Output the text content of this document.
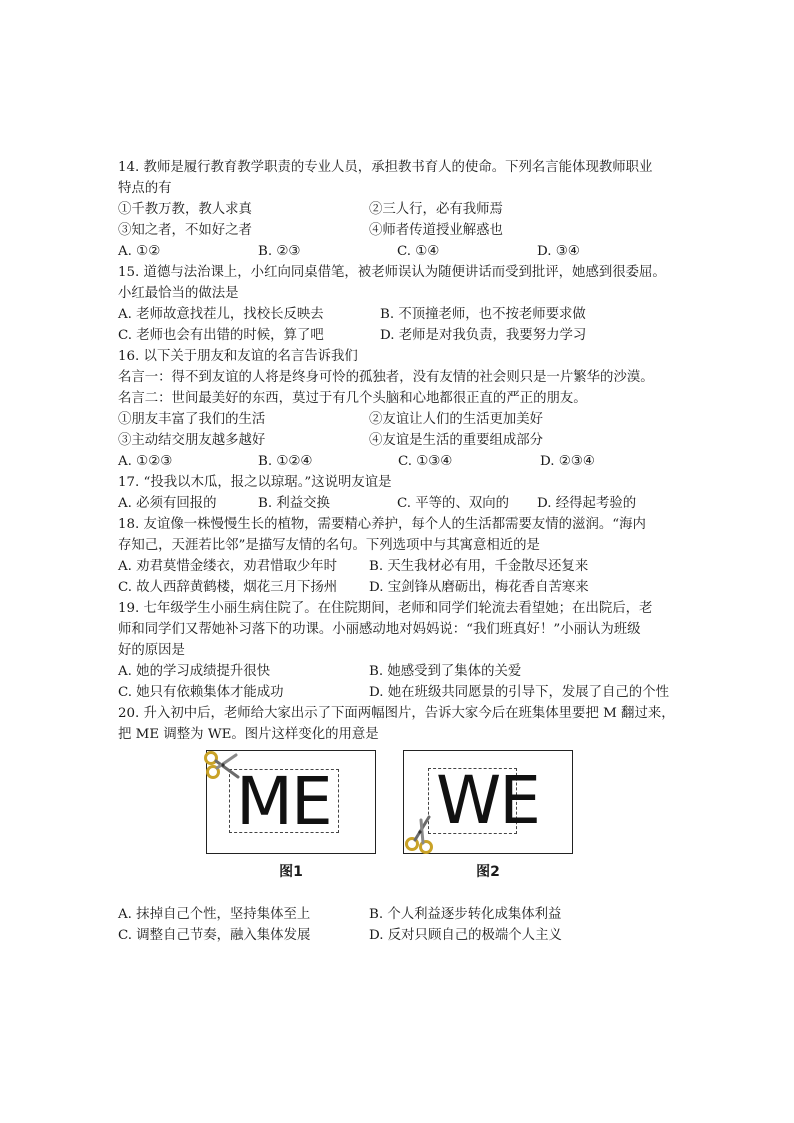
14. 教师是履行教育教学职责的专业人员，承担教书育人的使命。下列名言能体现教师职业
特点的有
①千教万教，教人求真	②三人行，必有我师焉
③知之者，不如好之者	④师者传道授业解惑也
A. ①②	B. ②③	C. ①④	D. ③④
15. 道德与法治课上，小红向同桌借笔，被老师误认为随便讲话而受到批评，她感到很委屈。
小红最恰当的做法是
A. 老师故意找茬儿，找校长反映去	B. 不顶撞老师，也不按老师要求做
C. 老师也会有出错的时候，算了吧	D. 老师是对我负责，我要努力学习
16. 以下关于朋友和友谊的名言告诉我们
名言一：得不到友谊的人将是终身可怜的孤独者，没有友情的社会则只是一片繁华的沙漠。
名言二：世间最美好的东西，莫过于有几个头脑和心地都很正直的严正的朋友。
①朋友丰富了我们的生活	②友谊让人们的生活更加美好
③主动结交朋友越多越好	④友谊是生活的重要组成部分
A. ①②③	B. ①②④	C. ①③④	D. ②③④
17. “投我以木瓜，报之以琼琚。”这说明友谊是
A. 必须有回报的	B. 利益交换	C. 平等的、双向的	D. 经得起考验的
18. 友谊像一株慢慢生长的植物，需要精心养护，每个人的生活都需要友情的滋润。“海内
存知己，天涯若比邻”是描写友情的名句。下列选项中与其寓意相近的是
A. 劝君莫惜金缕衣，劝君惜取少年时	B. 天生我材必有用，千金散尽还复来
C. 故人西辞黄鹤楼，烟花三月下扬州	D. 宝剑锋从磨砺出，梅花香自苦寒来
19. 七年级学生小丽生病住院了。在住院期间，老师和同学们轮流去看望她；在出院后，老
师和同学们又帮她补习落下的功课。小丽感动地对妈妈说：“我们班真好！”小丽认为班级
好的原因是
A. 她的学习成绩提升很快	B. 她感受到了集体的关爱
C. 她只有依赖集体才能成功	D. 她在班级共同愿景的引导下，发展了自己的个性
20. 升入初中后，老师给大家出示了下面两幅图片，告诉大家今后在班集体里要把 M 翻过来，
把 ME 调整为 WE。图片这样变化的用意是
ME
图1
WE
图2
A. 抹掉自己个性，坚持集体至上	B. 个人利益逐步转化成集体利益
C. 调整自己节奏，融入集体发展	D. 反对只顾自己的极端个人主义
